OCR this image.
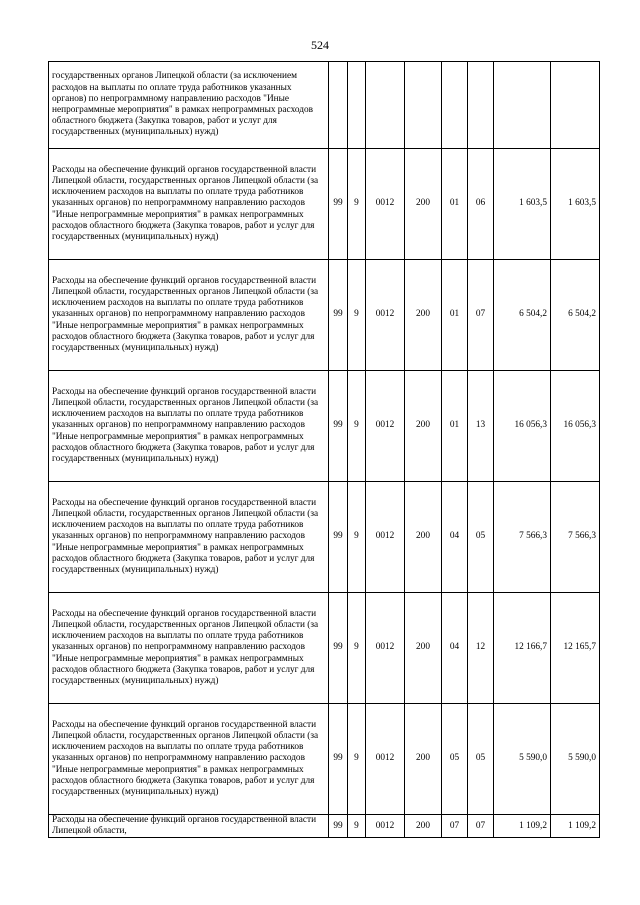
524
государственных органов Липецкой области (за исключением расходов на выплаты по оплате труда работников указанных органов) по непрограммному направлению расходов "Иные непрограммные мероприятия" в рамках непрограммных расходов областного бюджета (Закупка товаров, работ и услуг для государственных (муниципальных) нужд)								
Расходы на обеспечение функций органов государственной власти Липецкой области, государственных органов Липецкой области (за исключением расходов на выплаты по оплате труда работников указанных органов) по непрограммному направлению расходов "Иные непрограммные мероприятия" в рамках непрограммных расходов областного бюджета (Закупка товаров, работ и услуг для государственных (муниципальных) нужд)	99	9	0012	200	01	06	1 603,5	1 603,5
Расходы на обеспечение функций органов государственной власти Липецкой области, государственных органов Липецкой области (за исключением расходов на выплаты по оплате труда работников указанных органов) по непрограммному направлению расходов "Иные непрограммные мероприятия" в рамках непрограммных расходов областного бюджета (Закупка товаров, работ и услуг для государственных (муниципальных) нужд)	99	9	0012	200	01	07	6 504,2	6 504,2
Расходы на обеспечение функций органов государственной власти Липецкой области, государственных органов Липецкой области (за исключением расходов на выплаты по оплате труда работников указанных органов) по непрограммному направлению расходов "Иные непрограммные мероприятия" в рамках непрограммных расходов областного бюджета (Закупка товаров, работ и услуг для государственных (муниципальных) нужд)	99	9	0012	200	01	13	16 056,3	16 056,3
Расходы на обеспечение функций органов государственной власти Липецкой области, государственных органов Липецкой области (за исключением расходов на выплаты по оплате труда работников указанных органов) по непрограммному направлению расходов "Иные непрограммные мероприятия" в рамках непрограммных расходов областного бюджета (Закупка товаров, работ и услуг для государственных (муниципальных) нужд)	99	9	0012	200	04	05	7 566,3	7 566,3
Расходы на обеспечение функций органов государственной власти Липецкой области, государственных органов Липецкой области (за исключением расходов на выплаты по оплате труда работников указанных органов) по непрограммному направлению расходов "Иные непрограммные мероприятия" в рамках непрограммных расходов областного бюджета (Закупка товаров, работ и услуг для государственных (муниципальных) нужд)	99	9	0012	200	04	12	12 166,7	12 165,7
Расходы на обеспечение функций органов государственной власти Липецкой области, государственных органов Липецкой области (за исключением расходов на выплаты по оплате труда работников указанных органов) по непрограммному направлению расходов "Иные непрограммные мероприятия" в рамках непрограммных расходов областного бюджета (Закупка товаров, работ и услуг для государственных (муниципальных) нужд)	99	9	0012	200	05	05	5 590,0	5 590,0
Расходы на обеспечение функций органов государственной власти Липецкой области,	99	9	0012	200	07	07	1 109,2	1 109,2
